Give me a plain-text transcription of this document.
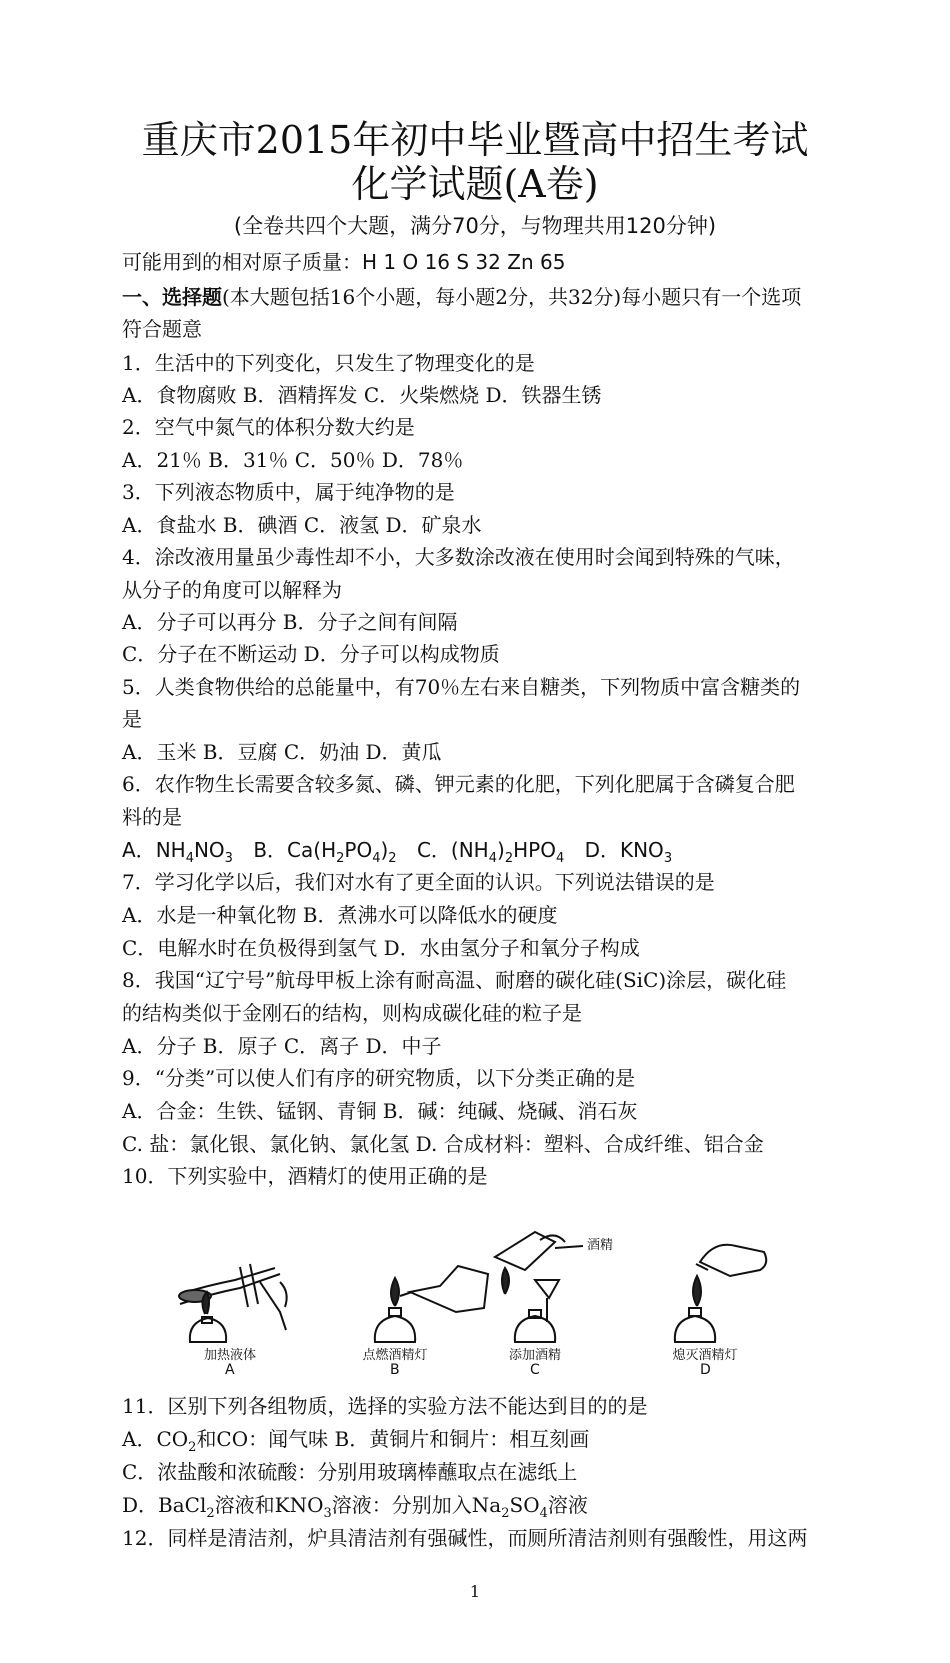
重庆市2015年初中毕业暨高中招生考试
化学试题(A卷)
(全卷共四个大题，满分70分，与物理共用120分钟)
可能用到的相对原子质量：H 1 O 16 S 32 Zn 65
一、选择题(本大题包括16个小题，每小题2分，共32分)每小题只有一个选项
符合题意
1．生活中的下列变化，只发生了物理变化的是
A．食物腐败 B．酒精挥发 C．火柴燃烧 D．铁器生锈
2．空气中氮气的体积分数大约是
A．21％ B．31％ C．50％ D．78％
3．下列液态物质中，属于纯净物的是
A．食盐水 B．碘酒 C．液氢 D．矿泉水
4．涂改液用量虽少毒性却不小，大多数涂改液在使用时会闻到特殊的气味，
从分子的角度可以解释为
A．分子可以再分 B．分子之间有间隔
C．分子在不断运动 D．分子可以构成物质
5．人类食物供给的总能量中，有70％左右来自糖类，下列物质中富含糖类的
是
A．玉米 B．豆腐 C．奶油 D．黄瓜
6．农作物生长需要含较多氮、磷、钾元素的化肥，下列化肥属于含磷复合肥
料的是
A．$NH_4NO_3$ B．$Ca(H_2PO_4)_2$ C．$(NH_4)_2HPO_4$ D．$KNO_3$
7．学习化学以后，我们对水有了更全面的认识。下列说法错误的是
A．水是一种氧化物 B．煮沸水可以降低水的硬度
C．电解水时在负极得到氢气 D．水由氢分子和氧分子构成
8．我国“辽宁号”航母甲板上涂有耐高温、耐磨的碳化硅(SiC)涂层，碳化硅
的结构类似于金刚石的结构，则构成碳化硅的粒子是
A．分子 B．原子 C．离子 D．中子
9．“分类”可以使人们有序的研究物质，以下分类正确的是
A．合金：生铁、锰钢、青铜 B．碱：纯碱、烧碱、消石灰
C. 盐：氯化银、氯化钠、氯化氢 D. 合成材料：塑料、合成纤维、铝合金
10．下列实验中，酒精灯的使用正确的是
加热液体	点燃酒精灯	添加酒精	熄灭酒精灯
酒精
A	B	C	D
11．区别下列各组物质，选择的实验方法不能达到目的的是
A．$CO_2$和CO：闻气味 B．黄铜片和铜片：相互刻画
C．浓盐酸和浓硫酸：分别用玻璃棒蘸取点在滤纸上
D．BaCl$_2$溶液和$KNO_3$溶液：分别加入$Na_2SO_4$溶液
12．同样是清洁剂，炉具清洁剂有强碱性，而厕所清洁剂则有强酸性，用这两
1
